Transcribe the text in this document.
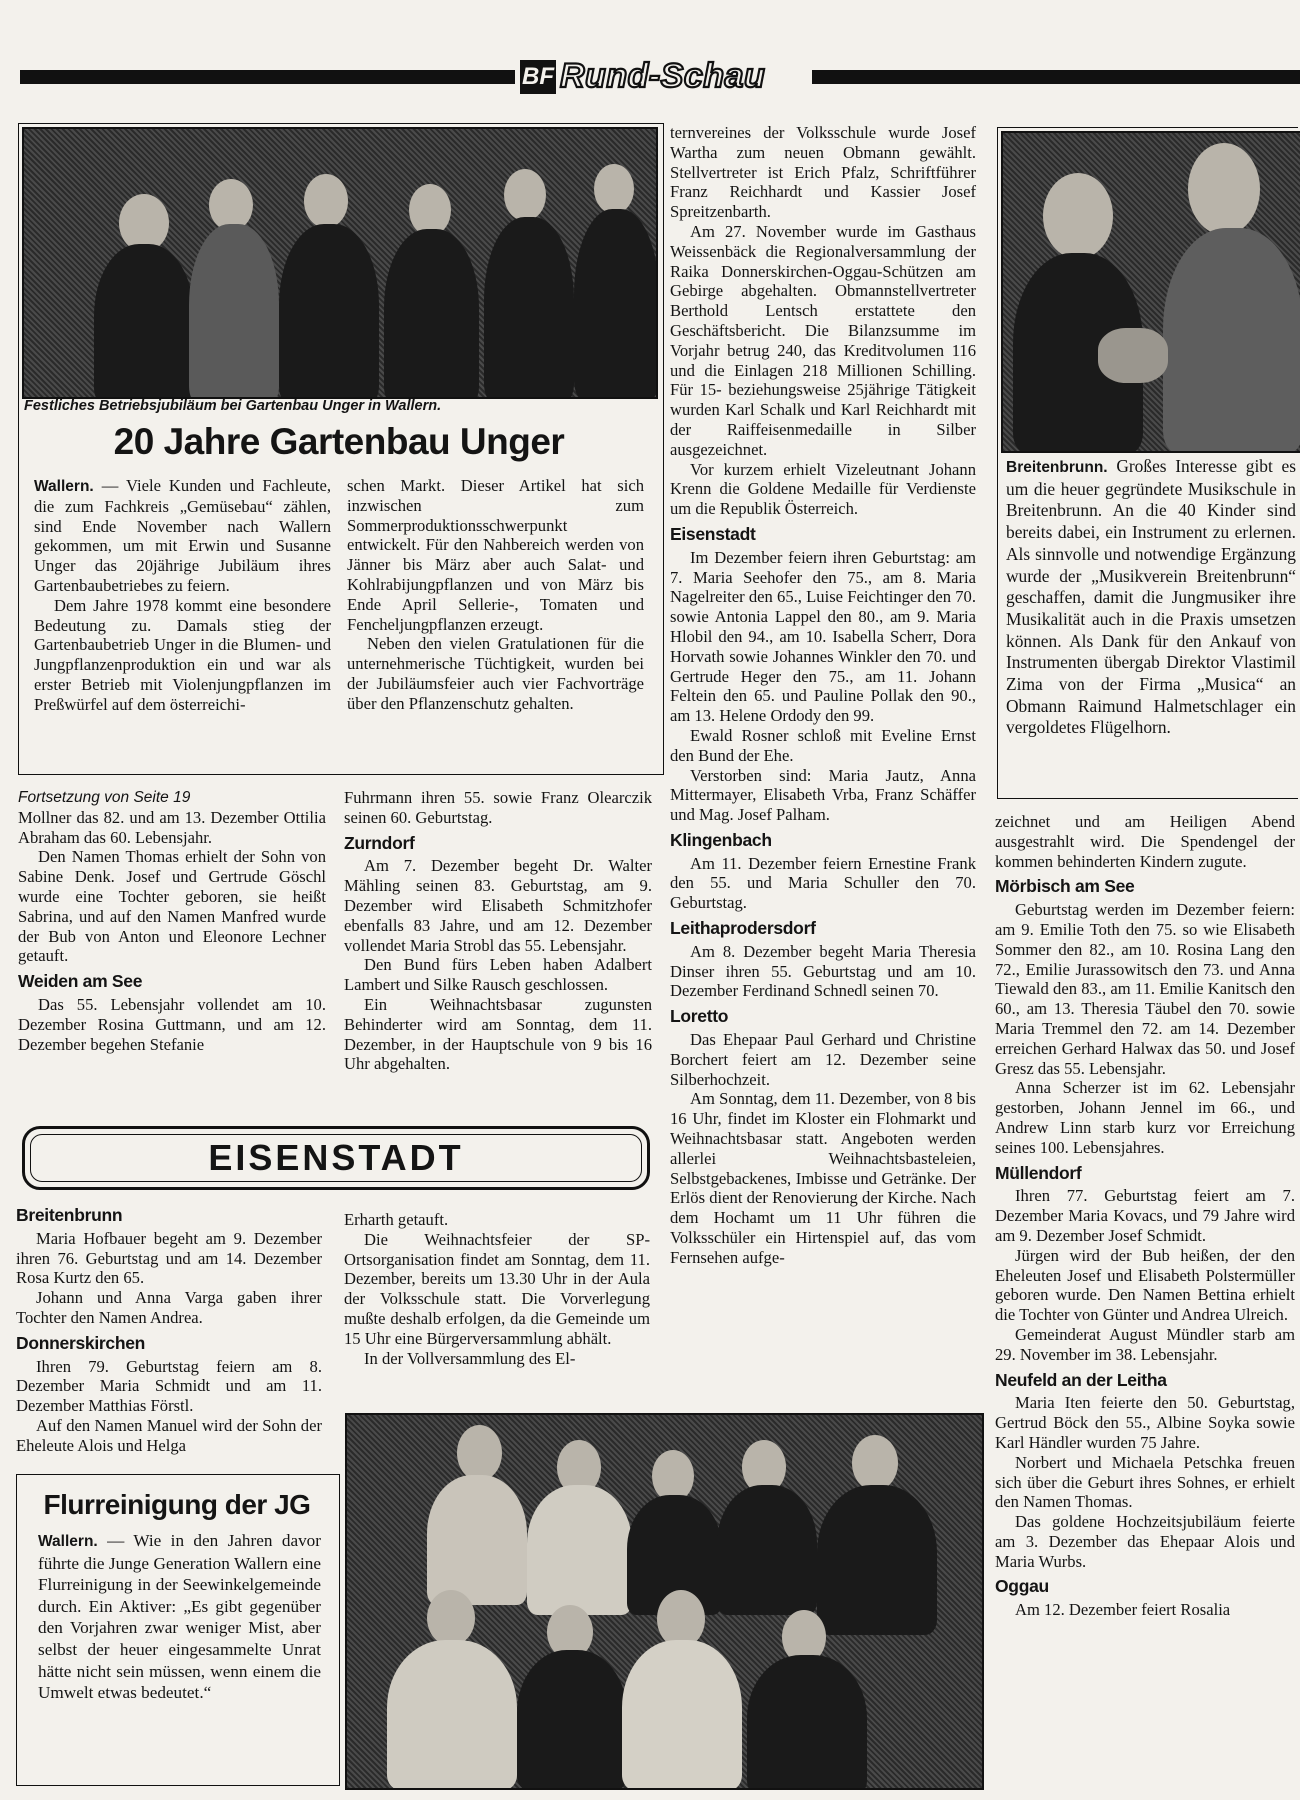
BF Rund-Schau
Festliches Betriebsjubiläum bei Gartenbau Unger in Wallern.
20 Jahre Gartenbau Unger

Wallern. — Viele Kunden und Fachleute, die zum Fachkreis „Gemüsebau“ zählen, sind Ende November nach Wallern gekommen, um mit Erwin und Susanne Unger das 20jährige Jubiläum ihres Gartenbaubetriebes zu feiern.

Dem Jahre 1978 kommt eine besondere Bedeutung zu. Damals stieg der Gartenbaubetrieb Unger in die Blumen- und Jungpflanzenproduktion ein und war als erster Betrieb mit Violenjungpflanzen im Preßwürfel auf dem österreichi-

schen Markt. Dieser Artikel hat sich inzwischen zum Sommerproduktionsschwerpunkt entwickelt. Für den Nahbereich werden von Jänner bis März aber auch Salat- und Kohlrabijungpflanzen und von März bis Ende April Sellerie-, Tomaten und Fencheljungpflanzen erzeugt.

Neben den vielen Gratulationen für die unternehmerische Tüchtigkeit, wurden bei der Jubiläumsfeier auch vier Fachvorträge über den Pflanzenschutz gehalten.

Fortsetzung von Seite 19

Mollner das 82. und am 13. Dezember Ottilia Abraham das 60. Lebensjahr.

Den Namen Thomas erhielt der Sohn von Sabine Denk. Josef und Gertrude Göschl wurde eine Tochter geboren, sie heißt Sabrina, und auf den Namen Manfred wurde der Bub von Anton und Eleonore Lechner getauft.

Weiden am See

Das 55. Lebensjahr vollendet am 10. Dezember Rosina Guttmann, und am 12. Dezember begehen Stefanie

Fuhrmann ihren 55. sowie Franz Olearczik seinen 60. Geburtstag.

Zurndorf

Am 7. Dezember begeht Dr. Walter Mähling seinen 83. Geburtstag, am 9. Dezember wird Elisabeth Schmitzhofer ebenfalls 83 Jahre, und am 12. Dezember vollendet Maria Strobl das 55. Lebensjahr.

Den Bund fürs Leben haben Adalbert Lambert und Silke Rausch geschlossen.

Ein Weihnachtsbasar zugunsten Behinderter wird am Sonntag, dem 11. Dezember, in der Hauptschule von 9 bis 16 Uhr abgehalten.

ternvereines der Volksschule wurde Josef Wartha zum neuen Obmann gewählt. Stellvertreter ist Erich Pfalz, Schriftführer Franz Reichhardt und Kassier Josef Spreitzenbarth.

Am 27. November wurde im Gasthaus Weissenbäck die Regionalversammlung der Raika Donnerskirchen-Oggau-Schützen am Gebirge abgehalten. Obmannstellvertreter Berthold Lentsch erstattete den Geschäftsbericht. Die Bilanzsumme im Vorjahr betrug 240, das Kreditvolumen 116 und die Einlagen 218 Millionen Schilling. Für 15- beziehungsweise 25jährige Tätigkeit wurden Karl Schalk und Karl Reichhardt mit der Raiffeisenmedaille in Silber ausgezeichnet.

Vor kurzem erhielt Vizeleutnant Johann Krenn die Goldene Medaille für Verdienste um die Republik Österreich.

Eisenstadt

Im Dezember feiern ihren Geburtstag: am 7. Maria Seehofer den 75., am 8. Maria Nagelreiter den 65., Luise Feichtinger den 70. sowie Antonia Lappel den 80., am 9. Maria Hlobil den 94., am 10. Isabella Scherr, Dora Horvath sowie Johannes Winkler den 70. und Gertrude Heger den 75., am 11. Johann Feltein den 65. und Pauline Pollak den 90., am 13. Helene Ordody den 99.

Ewald Rosner schloß mit Eveline Ernst den Bund der Ehe.

Verstorben sind: Maria Jautz, Anna Mittermayer, Elisabeth Vrba, Franz Schäffer und Mag. Josef Palham.

Klingenbach

Am 11. Dezember feiern Ernestine Frank den 55. und Maria Schuller den 70. Geburtstag.

Leithaprodersdorf

Am 8. Dezember begeht Maria Theresia Dinser ihren 55. Geburtstag und am 10. Dezember Ferdinand Schnedl seinen 70.

Loretto

Das Ehepaar Paul Gerhard und Christine Borchert feiert am 12. Dezember seine Silberhochzeit.

Am Sonntag, dem 11. Dezember, von 8 bis 16 Uhr, findet im Kloster ein Flohmarkt und Weihnachtsbasar statt. Angeboten werden allerlei Weihnachtsbasteleien, Selbstgebackenes, Imbisse und Getränke. Der Erlös dient der Renovierung der Kirche. Nach dem Hochamt um 11 Uhr führen die Volksschüler ein Hirtenspiel auf, das vom Fernsehen aufge-

Breitenbrunn. Großes Interesse gibt es um die heuer gegründete Musikschule in Breitenbrunn. An die 40 Kinder sind bereits dabei, ein Instrument zu erlernen. Als sinnvolle und notwendige Ergänzung wurde der „Musikverein Breitenbrunn“ geschaffen, damit die Jungmusiker ihre Musikalität auch in die Praxis umsetzen können. Als Dank für den Ankauf von Instrumenten übergab Direktor Vlastimil Zima von der Firma „Musica“ an Obmann Raimund Halmetschlager ein vergoldetes Flügelhorn.

zeichnet und am Heiligen Abend ausgestrahlt wird. Die Spendengel der kommen behinderten Kindern zugute.

Mörbisch am See

Geburtstag werden im Dezember feiern: am 9. Emilie Toth den 75. so wie Elisabeth Sommer den 82., am 10. Rosina Lang den 72., Emilie Jurassowitsch den 73. und Anna Tiewald den 83., am 11. Emilie Kanitsch den 60., am 13. Theresia Täubel den 70. sowie Maria Tremmel den 72. am 14. Dezember erreichen Gerhard Halwax das 50. und Josef Gresz das 55. Lebensjahr.

Anna Scherzer ist im 62. Lebensjahr gestorben, Johann Jennel im 66., und Andrew Linn starb kurz vor Erreichung seines 100. Lebensjahres.

Müllendorf

Ihren 77. Geburtstag feiert am 7. Dezember Maria Kovacs, und 79 Jahre wird am 9. Dezember Josef Schmidt.

Jürgen wird der Bub heißen, der den Eheleuten Josef und Elisabeth Polstermüller geboren wurde. Den Namen Bettina erhielt die Tochter von Günter und Andrea Ulreich.

Gemeinderat August Mündler starb am 29. November im 38. Lebensjahr.

Neufeld an der Leitha

Maria Iten feierte den 50. Geburtstag, Gertrud Böck den 55., Albine Soyka sowie Karl Händler wurden 75 Jahre.

Norbert und Michaela Petschka freuen sich über die Geburt ihres Sohnes, er erhielt den Namen Thomas.

Das goldene Hochzeitsjubiläum feierte am 3. Dezember das Ehepaar Alois und Maria Wurbs.

Oggau

Am 12. Dezember feiert Rosalia

EISENSTADT
Breitenbrunn

Maria Hofbauer begeht am 9. Dezember ihren 76. Geburtstag und am 14. Dezember Rosa Kurtz den 65.

Johann und Anna Varga gaben ihrer Tochter den Namen Andrea.

Donnerskirchen

Ihren 79. Geburtstag feiern am 8. Dezember Maria Schmidt und am 11. Dezember Matthias Förstl.

Auf den Namen Manuel wird der Sohn der Eheleute Alois und Helga

Erharth getauft.

Die Weihnachtsfeier der SP-Ortsorganisation findet am Sonntag, dem 11. Dezember, bereits um 13.30 Uhr in der Aula der Volksschule statt. Die Vorverlegung mußte deshalb erfolgen, da die Gemeinde um 15 Uhr eine Bürgerversammlung abhält.

In der Vollversammlung des El-

Flurreinigung der JG

Wallern. — Wie in den Jahren davor führte die Junge Generation Wallern eine Flurreinigung in der Seewinkelgemeinde durch. Ein Aktiver: „Es gibt gegenüber den Vorjahren zwar weniger Mist, aber selbst der heuer eingesammelte Unrat hätte nicht sein müssen, wenn einem die Umwelt etwas bedeutet.“
